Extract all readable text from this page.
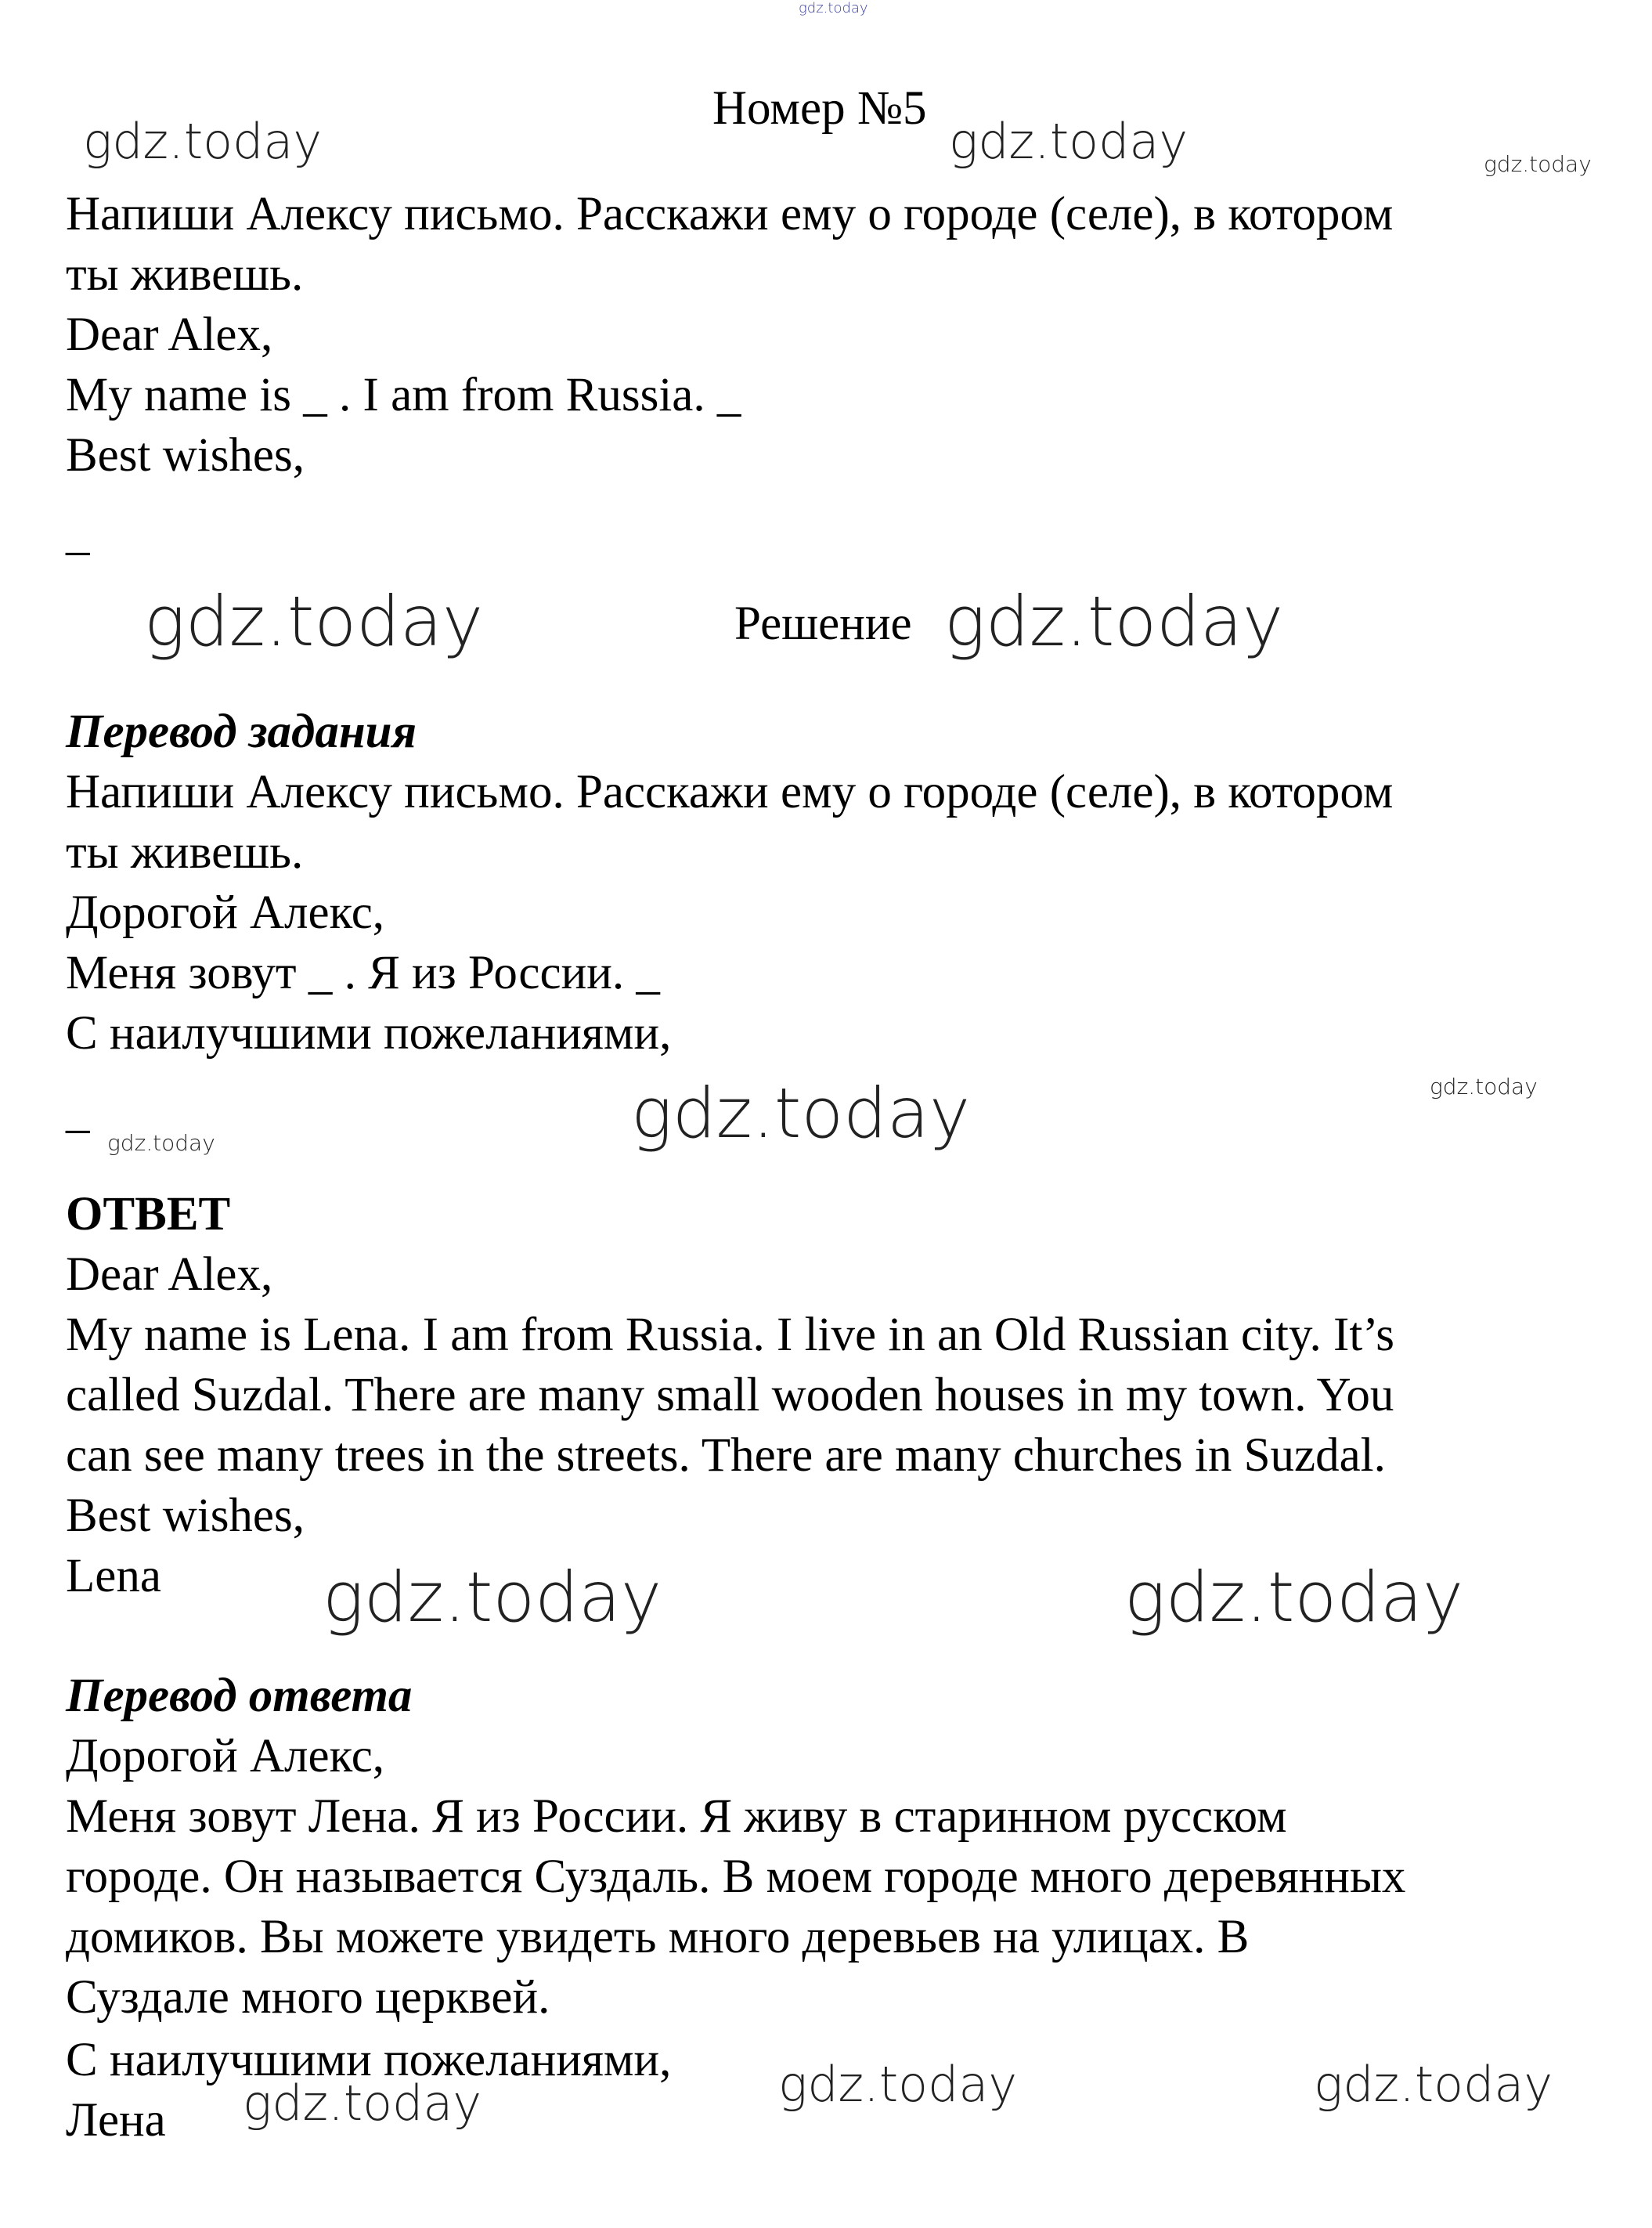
gdz.today
Номер №5
gdz.today	gdz.today	gdz.today
Напиши Алексу письмо. Расскажи ему о городе (селе), в котором
ты живешь.
Dear Alex,
My name is _ . I am from Russia. _
Best wishes,
_
gdz.today	Решение gdz.today
Перевод задания
Напиши Алексу письмо. Расскажи ему о городе (селе), в котором
ты живешь.
Дорогой Алекс,
Меня зовут _ . Я из России. _
С наилучшими пожеланиями,
_
gdz.today	gdz.today	gdz.today
ОТВЕТ
Dear Alex,
My name is Lena. I am from Russia. I live in an Old Russian city. It’s
called Suzdal. There are many small wooden houses in my town. You
can see many trees in the streets. There are many churches in Suzdal.
Best wishes,
Lena gdz.today	gdz.today
Перевод ответа
Дорогой Алекс,
Меня зовут Лена. Я из России. Я живу в старинном русском
городе. Он называется Суздаль. В моем городе много деревянных
домиков. Вы можете увидеть много деревьев на улицах. В
Суздале много церквей.
С наилучшими пожеланиями,
Лена gdz.today	gdz.today	gdz.today
